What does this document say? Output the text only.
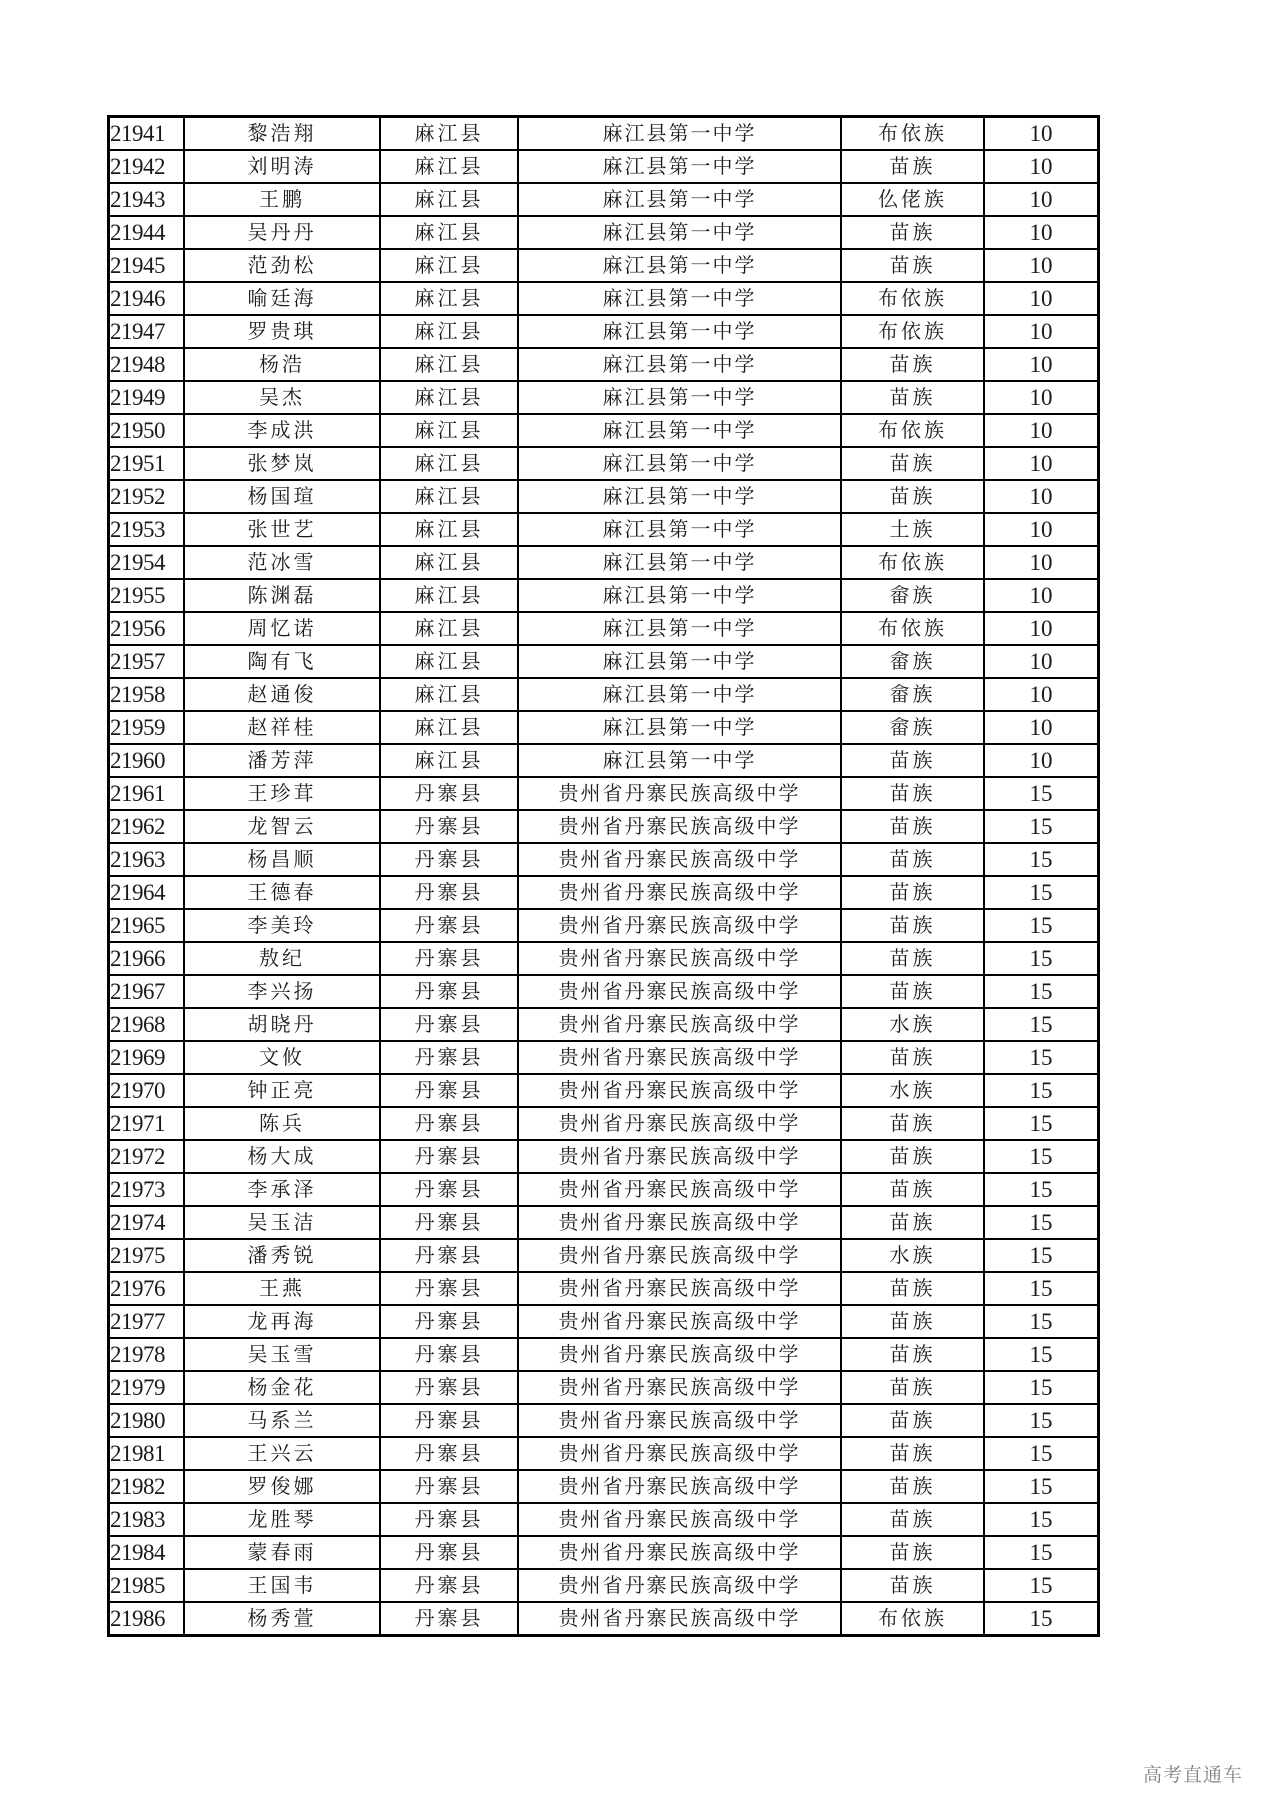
21941	黎浩翔	麻江县	麻江县第一中学	布依族	10
21942	刘明涛	麻江县	麻江县第一中学	苗族	10
21943	王鹏	麻江县	麻江县第一中学	仫佬族	10
21944	吴丹丹	麻江县	麻江县第一中学	苗族	10
21945	范劲松	麻江县	麻江县第一中学	苗族	10
21946	喻廷海	麻江县	麻江县第一中学	布依族	10
21947	罗贵琪	麻江县	麻江县第一中学	布依族	10
21948	杨浩	麻江县	麻江县第一中学	苗族	10
21949	吴杰	麻江县	麻江县第一中学	苗族	10
21950	李成洪	麻江县	麻江县第一中学	布依族	10
21951	张梦岚	麻江县	麻江县第一中学	苗族	10
21952	杨国瑄	麻江县	麻江县第一中学	苗族	10
21953	张世艺	麻江县	麻江县第一中学	土族	10
21954	范冰雪	麻江县	麻江县第一中学	布依族	10
21955	陈渊磊	麻江县	麻江县第一中学	畲族	10
21956	周忆诺	麻江县	麻江县第一中学	布依族	10
21957	陶有飞	麻江县	麻江县第一中学	畲族	10
21958	赵通俊	麻江县	麻江县第一中学	畲族	10
21959	赵祥桂	麻江县	麻江县第一中学	畲族	10
21960	潘芳萍	麻江县	麻江县第一中学	苗族	10
21961	王珍茸	丹寨县	贵州省丹寨民族高级中学	苗族	15
21962	龙智云	丹寨县	贵州省丹寨民族高级中学	苗族	15
21963	杨昌顺	丹寨县	贵州省丹寨民族高级中学	苗族	15
21964	王德春	丹寨县	贵州省丹寨民族高级中学	苗族	15
21965	李美玲	丹寨县	贵州省丹寨民族高级中学	苗族	15
21966	敖纪	丹寨县	贵州省丹寨民族高级中学	苗族	15
21967	李兴扬	丹寨县	贵州省丹寨民族高级中学	苗族	15
21968	胡晓丹	丹寨县	贵州省丹寨民族高级中学	水族	15
21969	文攸	丹寨县	贵州省丹寨民族高级中学	苗族	15
21970	钟正亮	丹寨县	贵州省丹寨民族高级中学	水族	15
21971	陈兵	丹寨县	贵州省丹寨民族高级中学	苗族	15
21972	杨大成	丹寨县	贵州省丹寨民族高级中学	苗族	15
21973	李承泽	丹寨县	贵州省丹寨民族高级中学	苗族	15
21974	吴玉洁	丹寨县	贵州省丹寨民族高级中学	苗族	15
21975	潘秀锐	丹寨县	贵州省丹寨民族高级中学	水族	15
21976	王燕	丹寨县	贵州省丹寨民族高级中学	苗族	15
21977	龙再海	丹寨县	贵州省丹寨民族高级中学	苗族	15
21978	吴玉雪	丹寨县	贵州省丹寨民族高级中学	苗族	15
21979	杨金花	丹寨县	贵州省丹寨民族高级中学	苗族	15
21980	马系兰	丹寨县	贵州省丹寨民族高级中学	苗族	15
21981	王兴云	丹寨县	贵州省丹寨民族高级中学	苗族	15
21982	罗俊娜	丹寨县	贵州省丹寨民族高级中学	苗族	15
21983	龙胜琴	丹寨县	贵州省丹寨民族高级中学	苗族	15
21984	蒙春雨	丹寨县	贵州省丹寨民族高级中学	苗族	15
21985	王国韦	丹寨县	贵州省丹寨民族高级中学	苗族	15
21986	杨秀萱	丹寨县	贵州省丹寨民族高级中学	布依族	15
高考直通车
